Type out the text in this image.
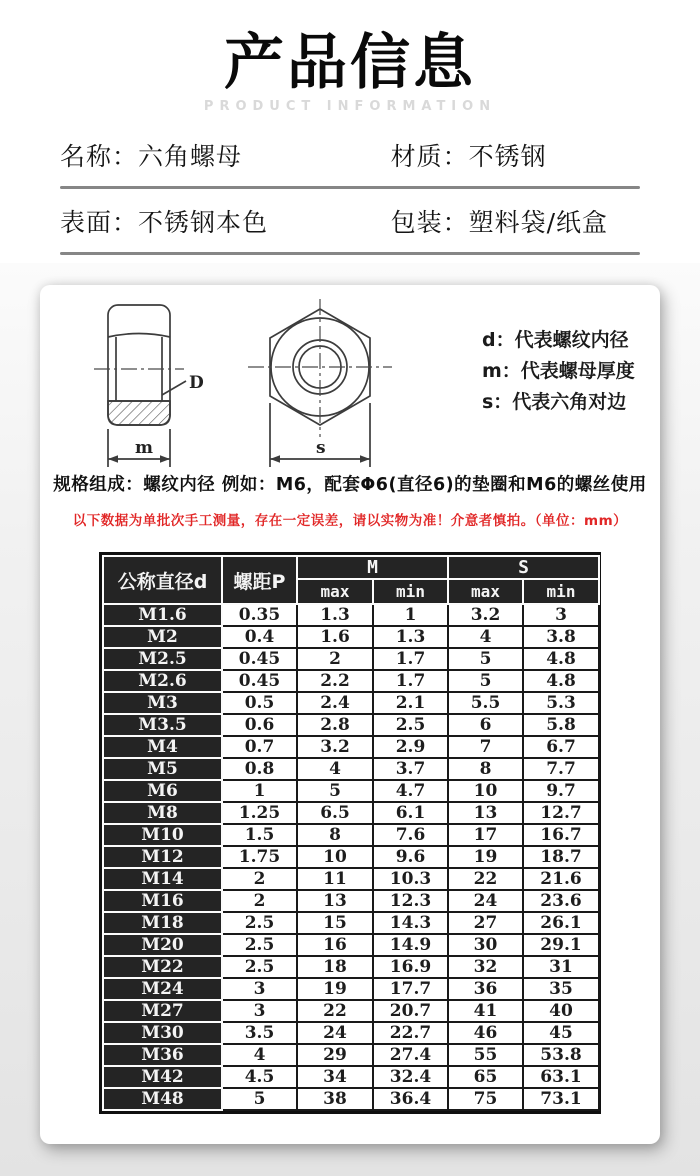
产品信息
PRODUCT INFORMATION
名称： 六角螺母	材质： 不锈钢
表面： 不锈钢本色	包装： 塑料袋/纸盒
D
m	s
d：代表螺纹内径
m：代表螺母厚度
s：代表六角对边
规格组成：螺纹内径 例如：M6，配套Φ6(直径6)的垫圈和M6的螺丝使用
以下数据为单批次手工测量，存在一定误差，请以实物为准！介意者慎拍。（单位：mm）
公称直径d	螺距P	M		S	
		max	min	max	min
M1.6	0.35	1.3	1	3.2	3
M2	0.4	1.6	1.3	4	3.8
M2.5	0.45	2	1.7	5	4.8
M2.6	0.45	2.2	1.7	5	4.8
M3	0.5	2.4	2.1	5.5	5.3
M3.5	0.6	2.8	2.5	6	5.8
M4	0.7	3.2	2.9	7	6.7
M5	0.8	4	3.7	8	7.7
M6	1	5	4.7	10	9.7
M8	1.25	6.5	6.1	13	12.7
M10	1.5	8	7.6	17	16.7
M12	1.75	10	9.6	19	18.7
M14	2	11	10.3	22	21.6
M16	2	13	12.3	24	23.6
M18	2.5	15	14.3	27	26.1
M20	2.5	16	14.9	30	29.1
M22	2.5	18	16.9	32	31
M24	3	19	17.7	36	35
M27	3	22	20.7	41	40
M30	3.5	24	22.7	46	45
M36	4	29	27.4	55	53.8
M42	4.5	34	32.4	65	63.1
M48	5	38	36.4	75	73.1
